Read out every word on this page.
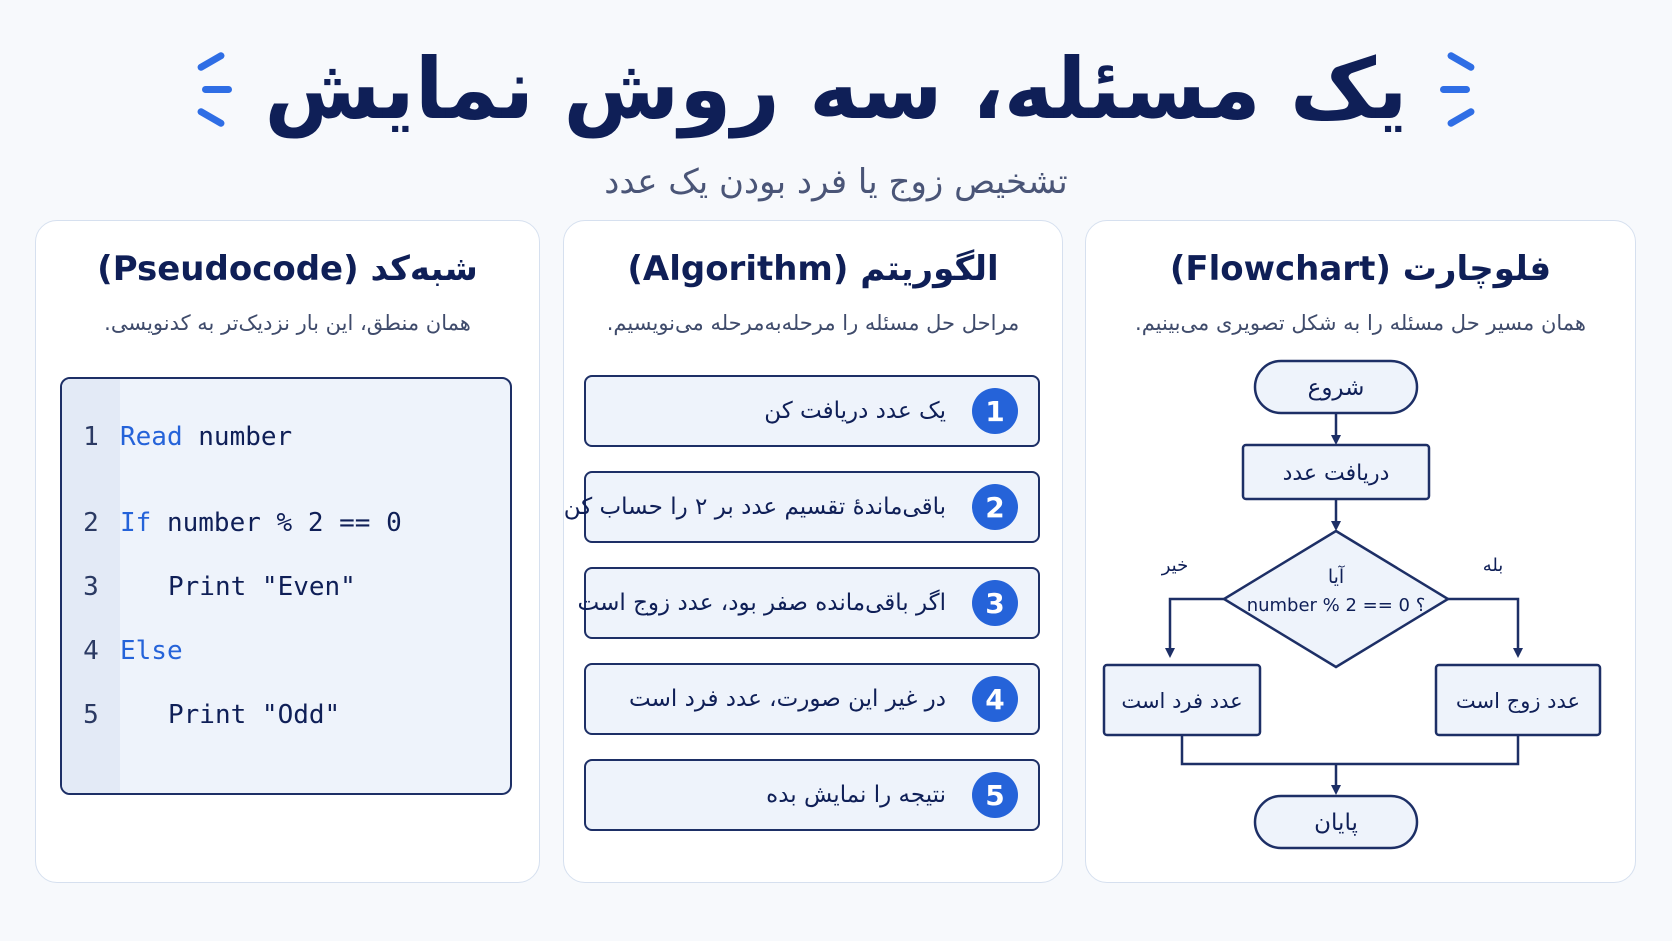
یک مسئله، سه روش نمایش
تشخیص زوج یا فرد بودن یک عدد
شبه‌کد (Pseudocode)
همان منطق، این بار نزدیک‌تر به کدنویسی.
1 Read number
2 If number % 2 == 0
3	Print "Even"
4 Else
5	Print "Odd"
الگوریتم (Algorithm)
مراحل حل مسئله را مرحله‌به‌مرحله می‌نویسیم.
1
یک عدد دریافت کن
2
باقی‌ماندهٔ تقسیم عدد بر ۲ را حساب کن
3
اگر باقی‌مانده صفر بود، عدد زوج است
4
در غیر این صورت، عدد فرد است
5
نتیجه را نمایش بده
فلوچارت (Flowchart)
همان مسیر حل مسئله را به شکل تصویری می‌بینیم.
شروع
دریافت عدد
آیا
number % 2 == 0 ؟
بله
خیر
عدد فرد است	عدد زوج است
پایان
